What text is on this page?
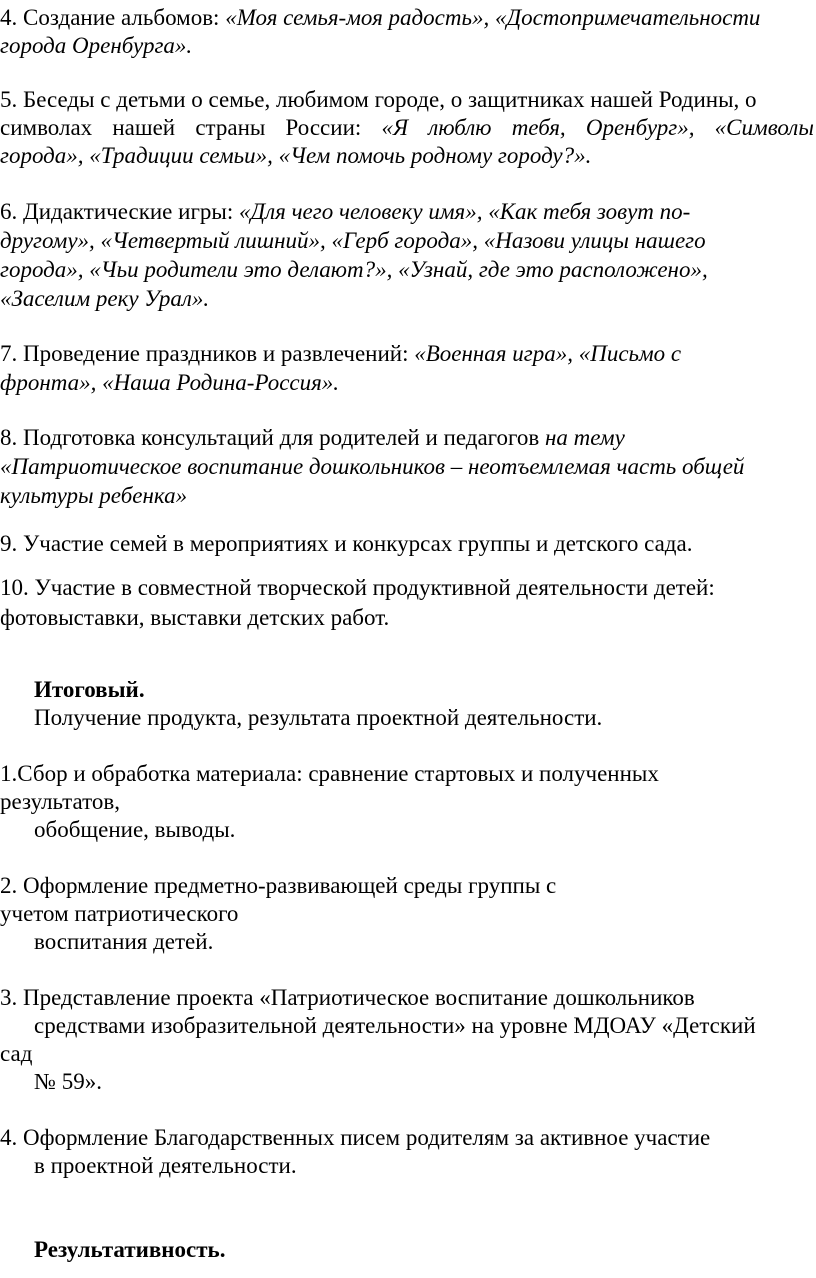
4. Создание альбомов: «Моя семья-моя радость», «Достопримечательности
города Оренбурга».
5. Беседы с детьми о семье, любимом городе, о защитниках нашей Родины, о
символах нашей страны России: «Я люблю тебя, Оренбург», «Символы
города», «Традиции семьи», «Чем помочь родному городу?».
6. Дидактические игры: «Для чего человеку имя», «Как тебя зовут по-
другому», «Четвертый лишний», «Герб города», «Назови улицы нашего
города», «Чьи родители это делают?», «Узнай, где это расположено»,
«Заселим реку Урал».
7. Проведение праздников и развлечений: «Военная игра», «Письмо с
фронта», «Наша Родина-Россия».
8. Подготовка консультаций для родителей и педагогов на тему
«Патриотическое воспитание дошкольников – неотъемлемая часть общей
культуры ребенка»
9. Участие семей в мероприятиях и конкурсах группы и детского сада.
10. Участие в совместной творческой продуктивной деятельности детей:
фотовыставки, выставки детских работ.
Итоговый.
Получение продукта, результата проектной деятельности.
1.Сбор и обработка материала: сравнение стартовых и полученных
результатов,
обобщение, выводы.
2. Оформление предметно-развивающей среды группы с
учетом патриотического
воспитания детей.
3. Представление проекта «Патриотическое воспитание дошкольников
средствами изобразительной деятельности» на уровне МДОАУ «Детский
сад
№ 59».
4. Оформление Благодарственных писем родителям за активное участие
в проектной деятельности.
Результативность.
